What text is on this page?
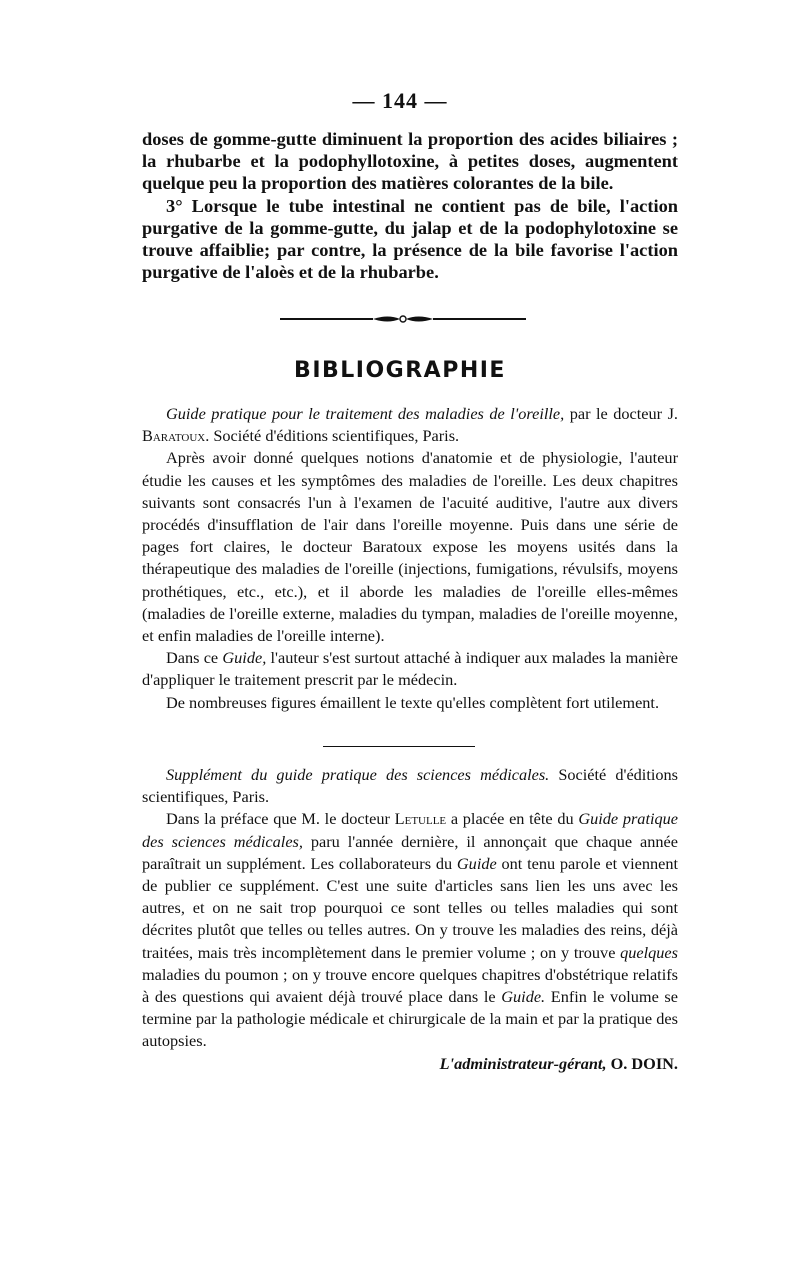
— 144 —

doses de gomme-gutte diminuent la proportion des acides biliaires ; la rhubarbe et la podophyllotoxine, à petites doses, augmentent quelque peu la proportion des matières colorantes de la bile.

3° Lorsque le tube intestinal ne contient pas de bile, l'action purgative de la gomme-gutte, du jalap et de la podophylotoxine se trouve affaiblie; par contre, la présence de la bile favorise l'action purgative de l'aloès et de la rhubarbe.

BIBLIOGRAPHIE

Guide pratique pour le traitement des maladies de l'oreille, par le docteur J. Baratoux. Société d'éditions scientifiques, Paris.

Après avoir donné quelques notions d'anatomie et de physiologie, l'auteur étudie les causes et les symptômes des maladies de l'oreille. Les deux chapitres suivants sont consacrés l'un à l'examen de l'acuité auditive, l'autre aux divers procédés d'insufflation de l'air dans l'oreille moyenne. Puis dans une série de pages fort claires, le docteur Baratoux expose les moyens usités dans la thérapeutique des maladies de l'oreille (injections, fumigations, révulsifs, moyens prothétiques, etc., etc.), et il aborde les maladies de l'oreille elles-mêmes (maladies de l'oreille externe, maladies du tympan, maladies de l'oreille moyenne, et enfin maladies de l'oreille interne).

Dans ce Guide, l'auteur s'est surtout attaché à indiquer aux malades la manière d'appliquer le traitement prescrit par le médecin.

De nombreuses figures émaillent le texte qu'elles complètent fort utilement.

Supplément du guide pratique des sciences médicales. Société d'éditions scientifiques, Paris.

Dans la préface que M. le docteur Letulle a placée en tête du Guide pratique des sciences médicales, paru l'année dernière, il annonçait que chaque année paraîtrait un supplément. Les collaborateurs du Guide ont tenu parole et viennent de publier ce supplément. C'est une suite d'articles sans lien les uns avec les autres, et on ne sait trop pourquoi ce sont telles ou telles maladies qui sont décrites plutôt que telles ou telles autres. On y trouve les maladies des reins, déjà traitées, mais très incomplètement dans le premier volume ; on y trouve quelques maladies du poumon ; on y trouve encore quelques chapitres d'obstétrique relatifs à des questions qui avaient déjà trouvé place dans le Guide. Enfin le volume se termine par la pathologie médicale et chirurgicale de la main et par la pratique des autopsies.

L'administrateur-gérant, O. DOIN.
